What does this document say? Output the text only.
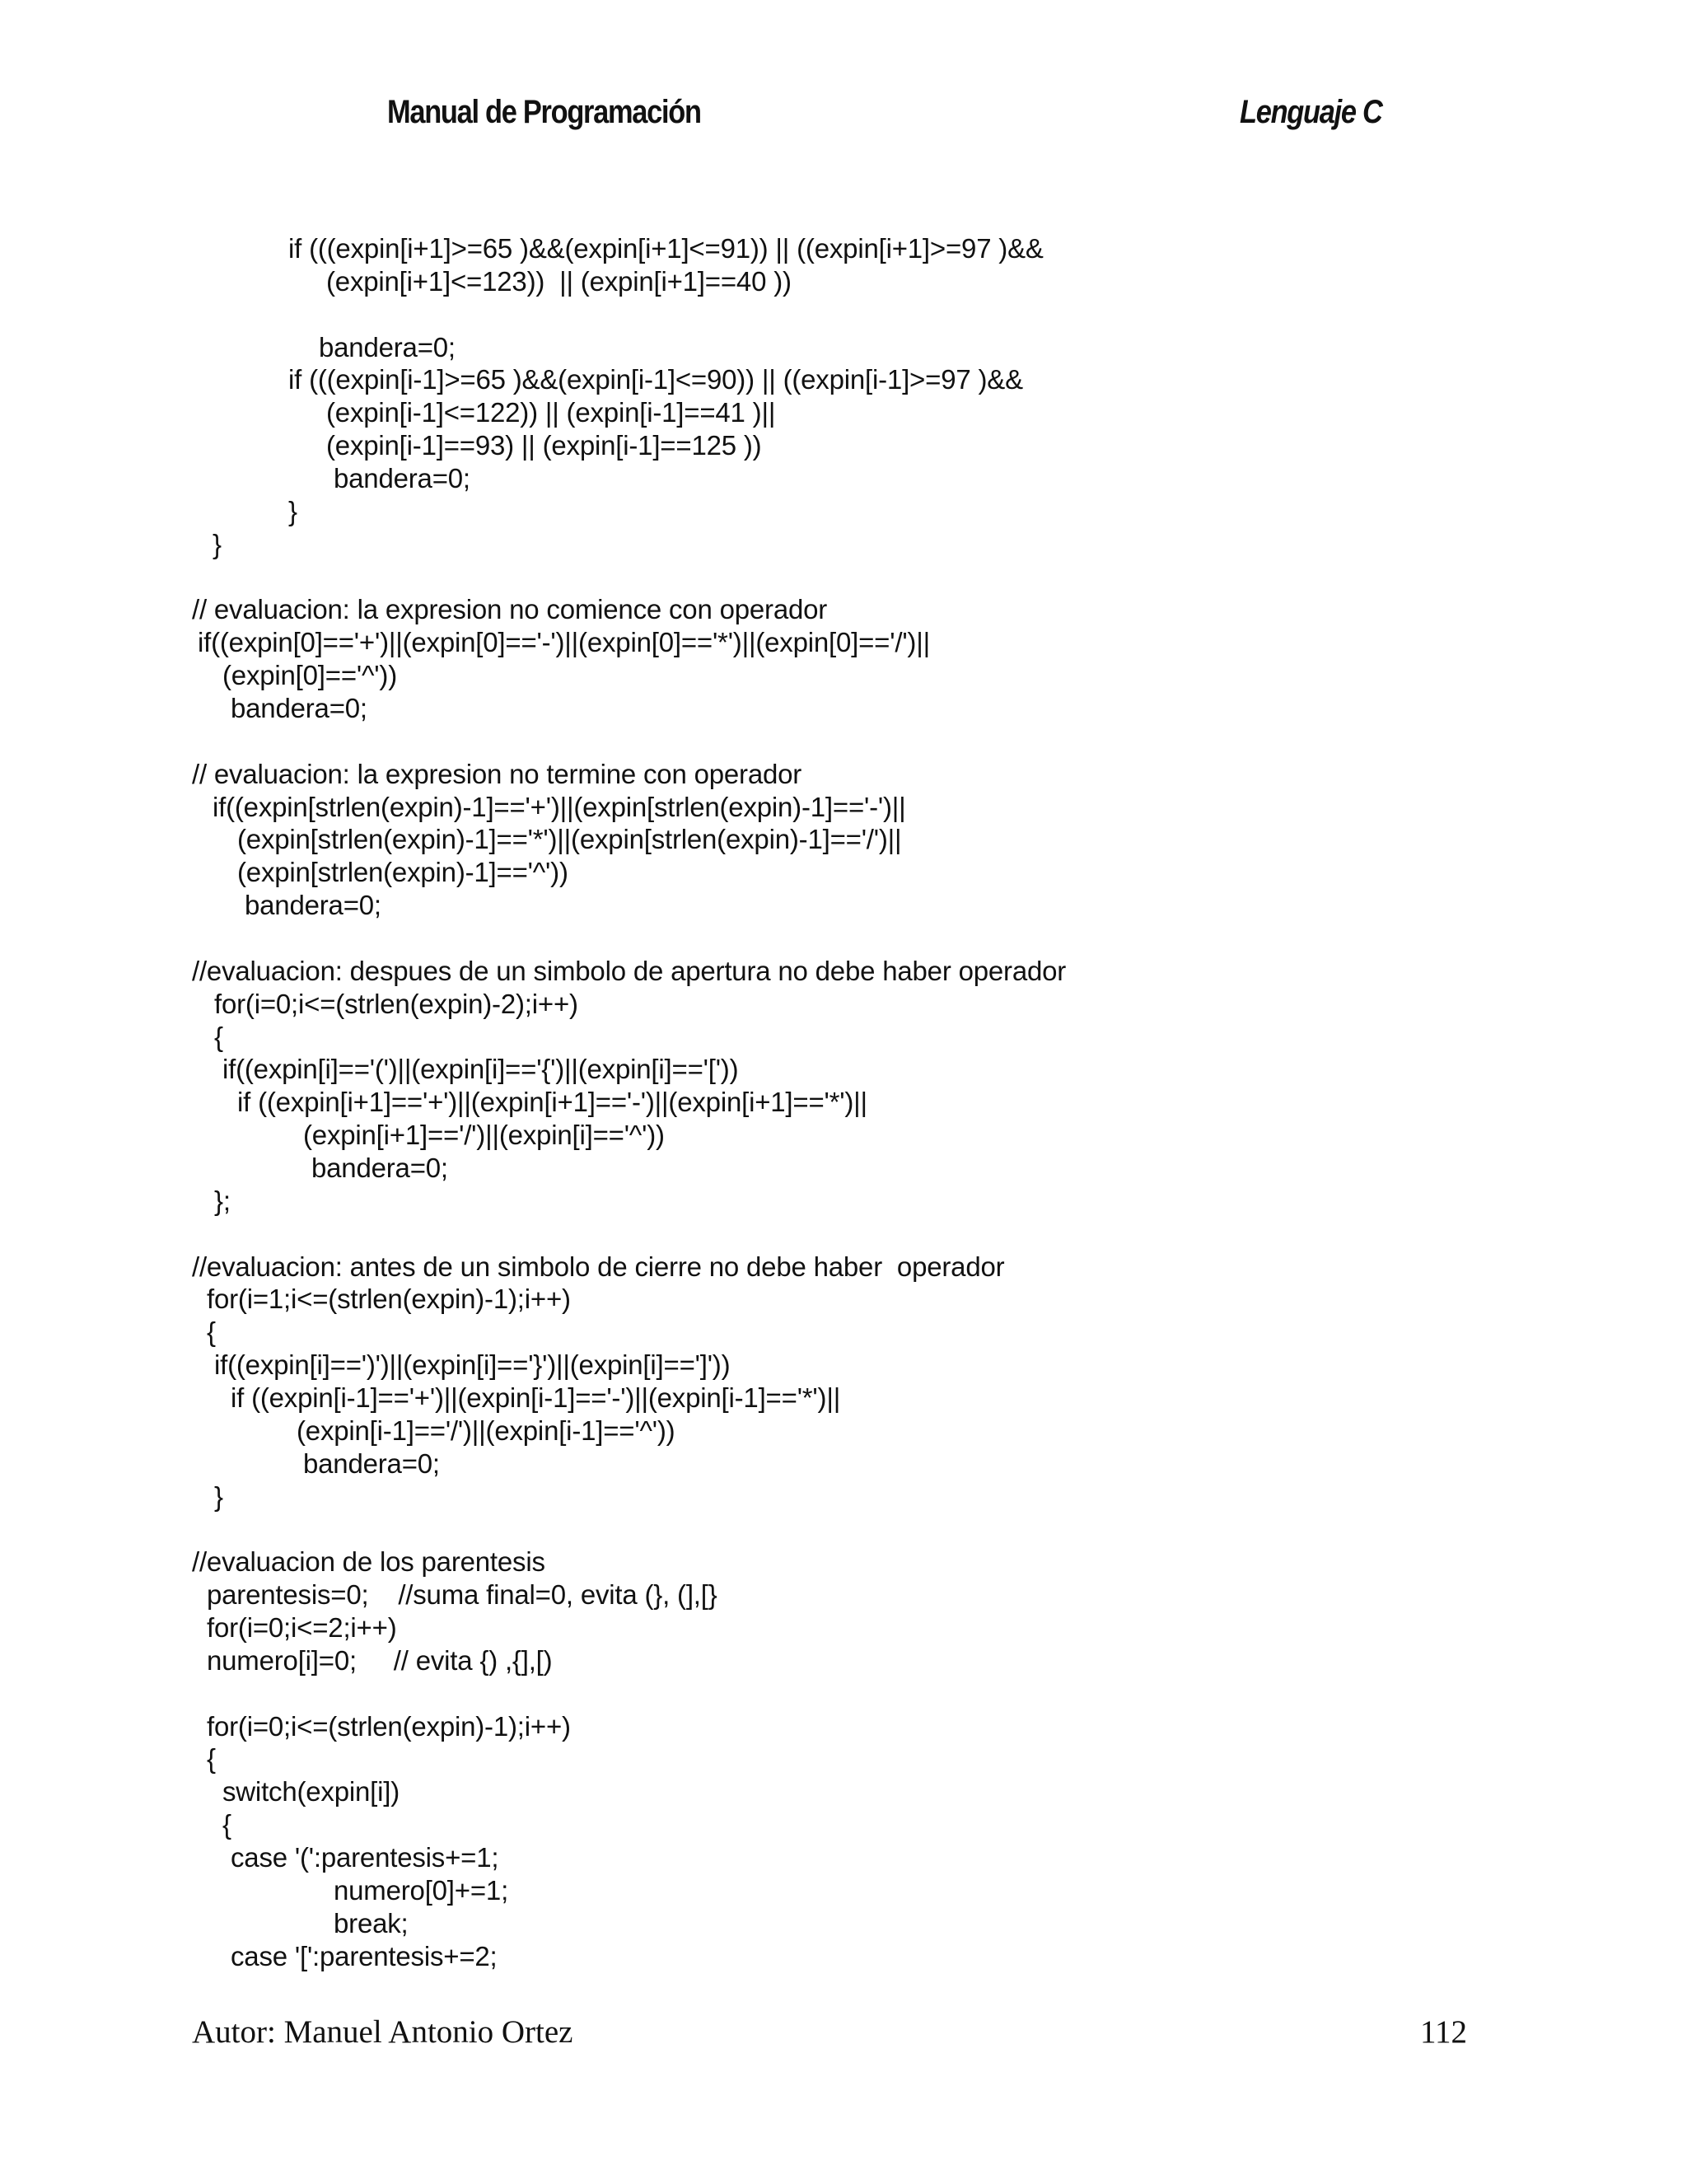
Manual de Programación	Lenguaje C
if (((expin[i+1]>=65 )&&(expin[i+1]<=91)) || ((expin[i+1]>=97 )&&
(expin[i+1]<=123))  || (expin[i+1]==40 ))
bandera=0;
if (((expin[i-1]>=65 )&&(expin[i-1]<=90)) || ((expin[i-1]>=97 )&&
(expin[i-1]<=122)) || (expin[i-1]==41 )||
(expin[i-1]==93) || (expin[i-1]==125 ))
bandera=0;
}
}
// evaluacion: la expresion no comience con operador
if((expin[0]=='+')||(expin[0]=='-')||(expin[0]=='*')||(expin[0]=='/')||
(expin[0]=='^'))
bandera=0;
// evaluacion: la expresion no termine con operador
if((expin[strlen(expin)-1]=='+')||(expin[strlen(expin)-1]=='-')||
(expin[strlen(expin)-1]=='*')||(expin[strlen(expin)-1]=='/')||
(expin[strlen(expin)-1]=='^'))
bandera=0;
//evaluacion: despues de un simbolo de apertura no debe haber operador
for(i=0;i<=(strlen(expin)-2);i++)
{
if((expin[i]=='(')||(expin[i]=='{')||(expin[i]=='['))
if ((expin[i+1]=='+')||(expin[i+1]=='-')||(expin[i+1]=='*')||
(expin[i+1]=='/')||(expin[i]=='^'))
bandera=0;
};
//evaluacion: antes de un simbolo de cierre no debe haber  operador
for(i=1;i<=(strlen(expin)-1);i++)
{
if((expin[i]==')')||(expin[i]=='}')||(expin[i]==']'))
if ((expin[i-1]=='+')||(expin[i-1]=='-')||(expin[i-1]=='*')||
(expin[i-1]=='/')||(expin[i-1]=='^'))
bandera=0;
}
//evaluacion de los parentesis
parentesis=0;    //suma final=0, evita (}, (],[}
for(i=0;i<=2;i++)
numero[i]=0;     // evita {) ,{],[)
for(i=0;i<=(strlen(expin)-1);i++)
{
switch(expin[i])
{
case '(':parentesis+=1;
numero[0]+=1;
break;
case '[':parentesis+=2;
Autor: Manuel Antonio Ortez	112
